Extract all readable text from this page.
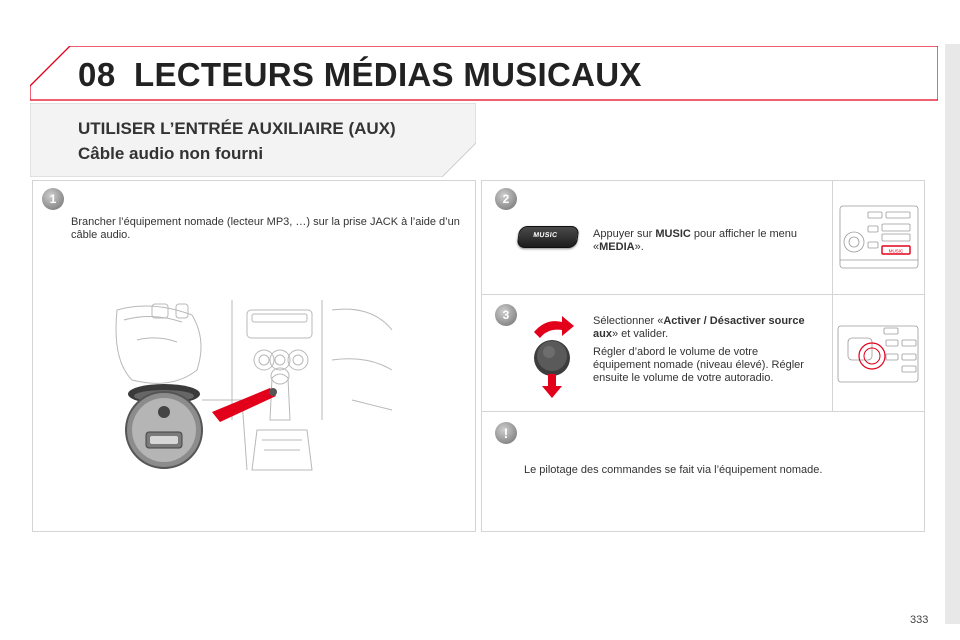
08 LECTEURS MÉDIAS MUSICAUX
UTILISER L’ENTRÉE AUXILIAIRE (AUX)
Câble audio non fourni
1
Brancher l’équipement nomade (lecteur MP3, …) sur la prise JACK à l’aide d’un câble audio.
2
MUSIC	Appuyer sur MUSIC pour afficher le menu «MEDIA».	MUSIC
3	Sélectionner «Activer / Désactiver source aux» et valider.
Régler d’abord le volume de votre équipement nomade (niveau élevé). Régler ensuite le volume de votre autoradio.
!
Le pilotage des commandes se fait via l’équipement nomade.
333
